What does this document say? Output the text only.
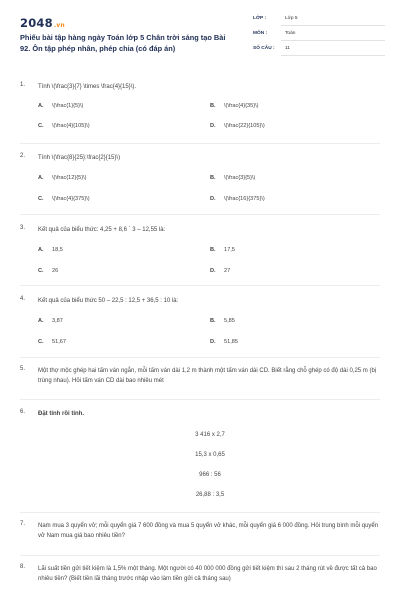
2048.vn
Phiếu bài tập hàng ngày Toán lớp 5 Chân trời sáng tạo Bài 92. Ôn tập phép nhân, phép chia (có đáp án)
LỚP :	Lớp 5
MÔN :	Toán
SỐ CÂU : 11
1. Tính \(\frac{3}{7} \times \frac{4}{15}\).
A. \(\frac{1}{5}\)	B. \(\frac{4}{35}\)
C. \(\frac{4}{105}\)	D. \(\frac{22}{105}\)
2. Tính \(\frac{8}{25}:\frac{2}{15}\)
A. \(\frac{12}{5}\)	B. \(\frac{3}{5}\)
C. \(\frac{4}{375}\)	D. \(\frac{16}{375}\)
3. Kết quả của biểu thức: 4,25 + 8,6 ` 3 – 12,55 là:
A. 18,5	B. 17,5
C. 26	D. 27
4. Kết quả của biểu thức 50 – 22,5 : 12,5 + 36,5 : 10 là:
A. 3,87	B. 5,85
C. 51,67	D. 51,85
5. Một thợ mộc ghép hai tấm ván ngắn, mỗi tấm ván dài 1,2 m thành một tấm ván dài CD. Biết rằng chỗ ghép có độ dài 0,25 m (bị trùng nhau). Hỏi tấm ván CD dài bao nhiêu mét
6. Đặt tính rồi tính.
3 416 x 2,7
15,3 x 0,65
966 : 56
26,88 : 3,5
7. Nam mua 3 quyển vở; mỗi quyển giá 7 600 đồng và mua 5 quyển vở khác, mỗi quyển giá 6 000 đồng. Hỏi trung bình mỗi quyển vở Nam mua giá bao nhiêu tiền?
8. Lãi suất tiền gửi tiết kiệm là 1,5% một tháng. Một người có 40 000 000 đồng gửi tiết kiệm thì sau 2 tháng rút về được tất cả bao nhiêu tiền? (Biết tiền lãi tháng trước nhập vào làm tiền gửi cả tháng sau)
